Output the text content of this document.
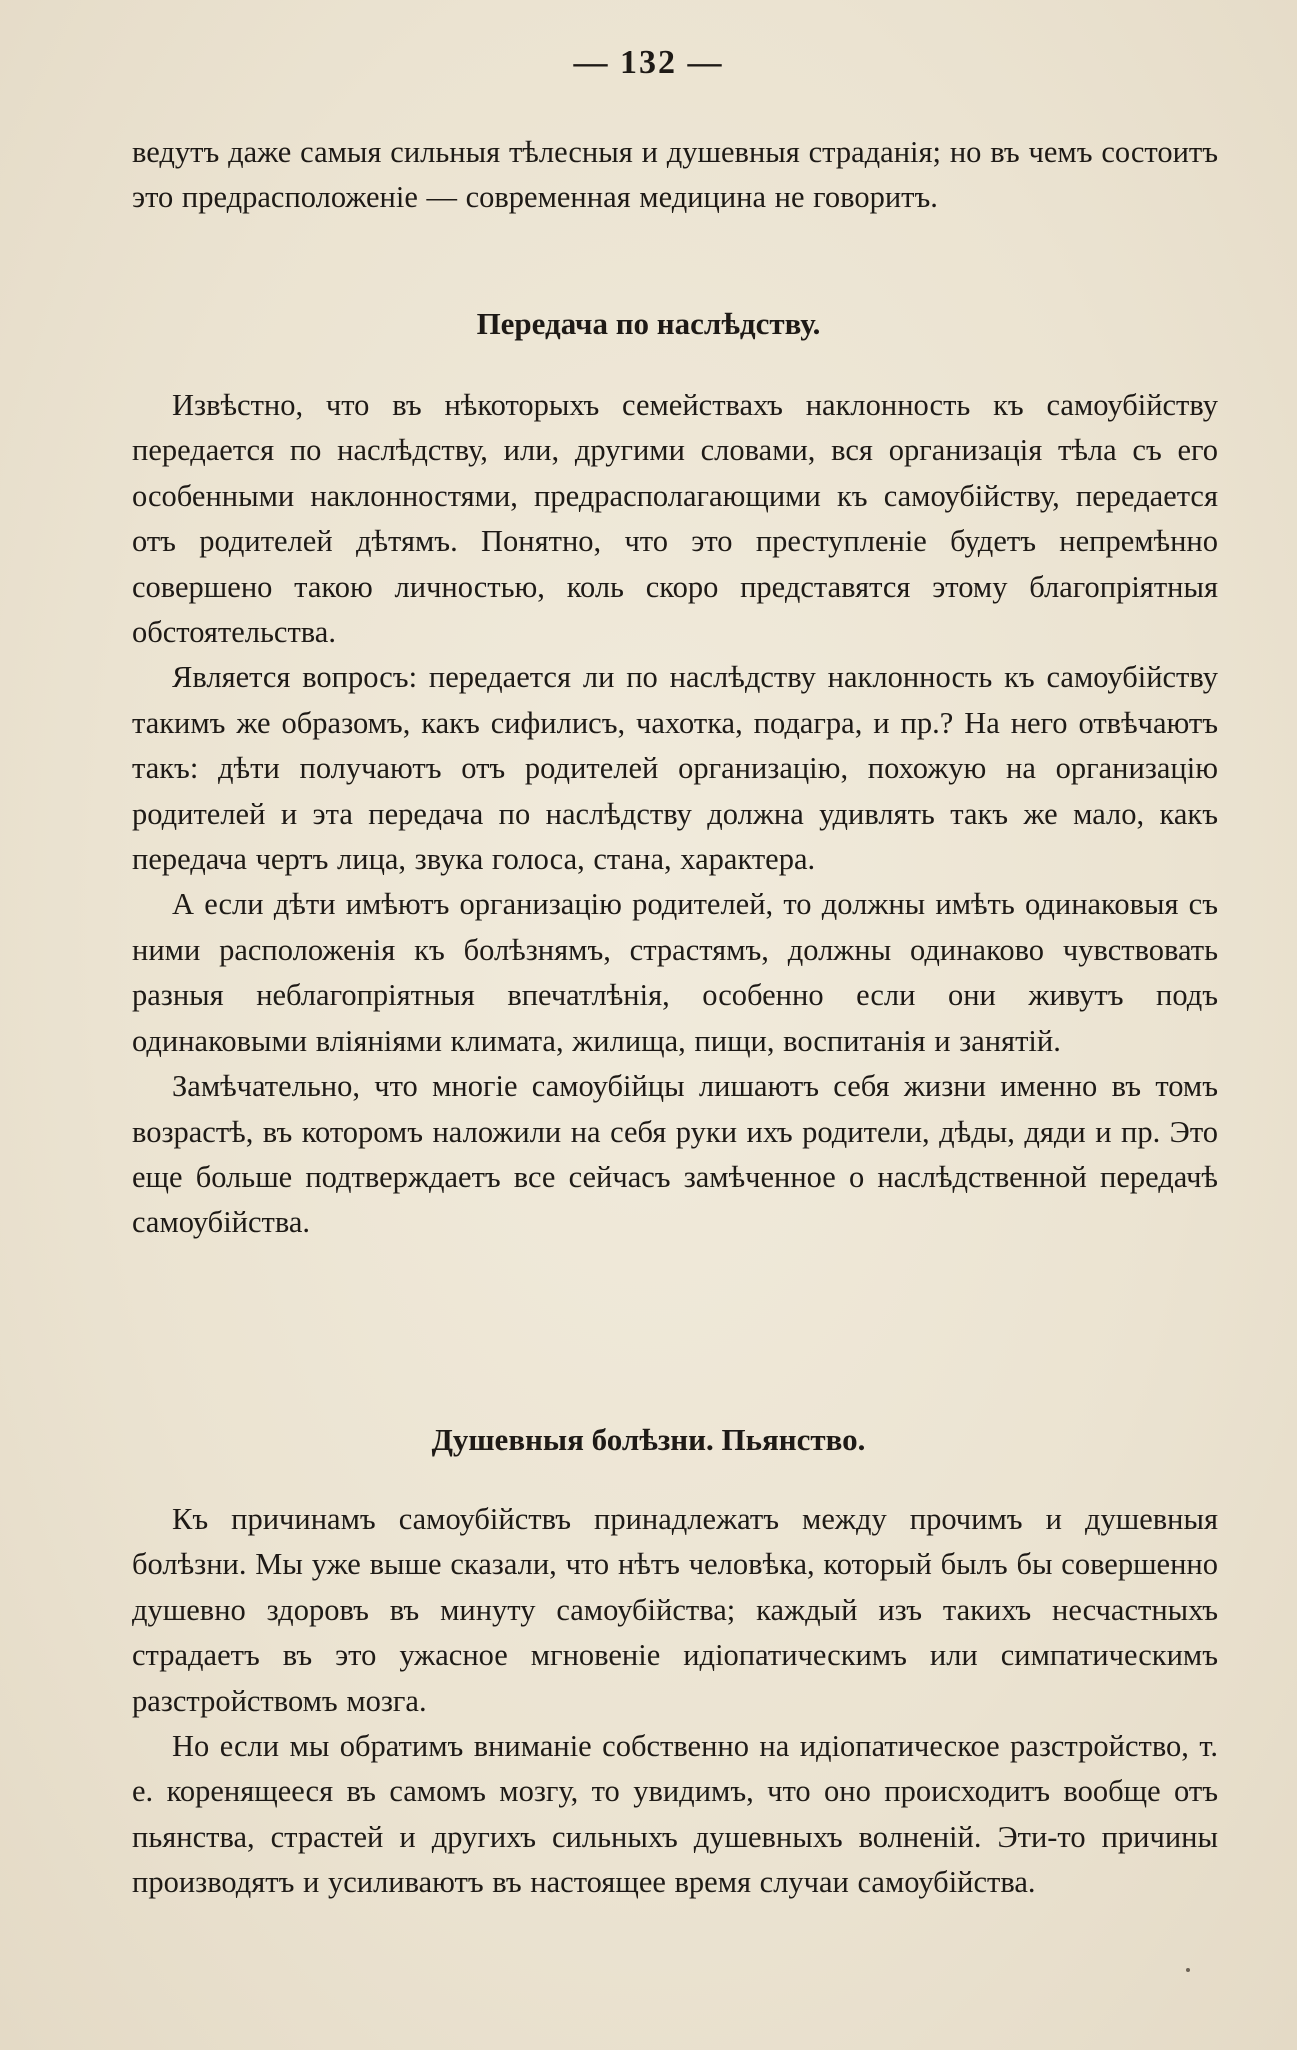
— 132 —

ведутъ даже самыя сильныя тѣлесныя и душевныя страданія; но въ чемъ состоитъ это предрасположеніе — современная медицина не говоритъ.

Передача по наслѣдству.

Извѣстно, что въ нѣкоторыхъ семействахъ наклонность къ самоубійству передается по наслѣдству, или, другими словами, вся организація тѣла съ его особенными наклонностями, предрасполагающими къ самоубійству, передается отъ родителей дѣтямъ. Понятно, что это преступленіе будетъ непремѣнно совершено такою личностью, коль скоро представятся этому благопріятныя обстоятельства.

Является вопросъ: передается ли по наслѣдству наклонность къ самоубійству такимъ же образомъ, какъ сифилисъ, чахотка, подагра, и пр.? На него отвѣчаютъ такъ: дѣти получаютъ отъ родителей организацію, похожую на организацію родителей и эта передача по наслѣдству должна удивлять такъ же мало, какъ передача чертъ лица, звука голоса, стана, характера.

А если дѣти имѣютъ организацію родителей, то должны имѣть одинаковыя съ ними расположенія къ болѣзнямъ, страстямъ, должны одинаково чувствовать разныя неблагопріятныя впечатлѣнія, особенно если они живутъ подъ одинаковыми вліяніями климата, жилища, пищи, воспитанія и занятій.

Замѣчательно, что многіе самоубійцы лишаютъ себя жизни именно въ томъ возрастѣ, въ которомъ наложили на себя руки ихъ родители, дѣды, дяди и пр. Это еще больше подтверждаетъ все сейчасъ замѣченное о наслѣдственной передачѣ самоубійства.

Душевныя болѣзни. Пьянство.

Къ причинамъ самоубійствъ принадлежатъ между прочимъ и душевныя болѣзни. Мы уже выше сказали, что нѣтъ человѣка, который былъ бы совершенно душевно здоровъ въ минуту самоубійства; каждый изъ такихъ несчастныхъ страдаетъ въ это ужасное мгновеніе идіопатическимъ или симпатическимъ разстройствомъ мозга.

Но если мы обратимъ вниманіе собственно на идіопатическое разстройство, т. е. коренящееся въ самомъ мозгу, то увидимъ, что оно происходитъ вообще отъ пьянства, страстей и другихъ сильныхъ душевныхъ волненій. Эти-то причины производятъ и усиливаютъ въ настоящее время случаи самоубійства.
